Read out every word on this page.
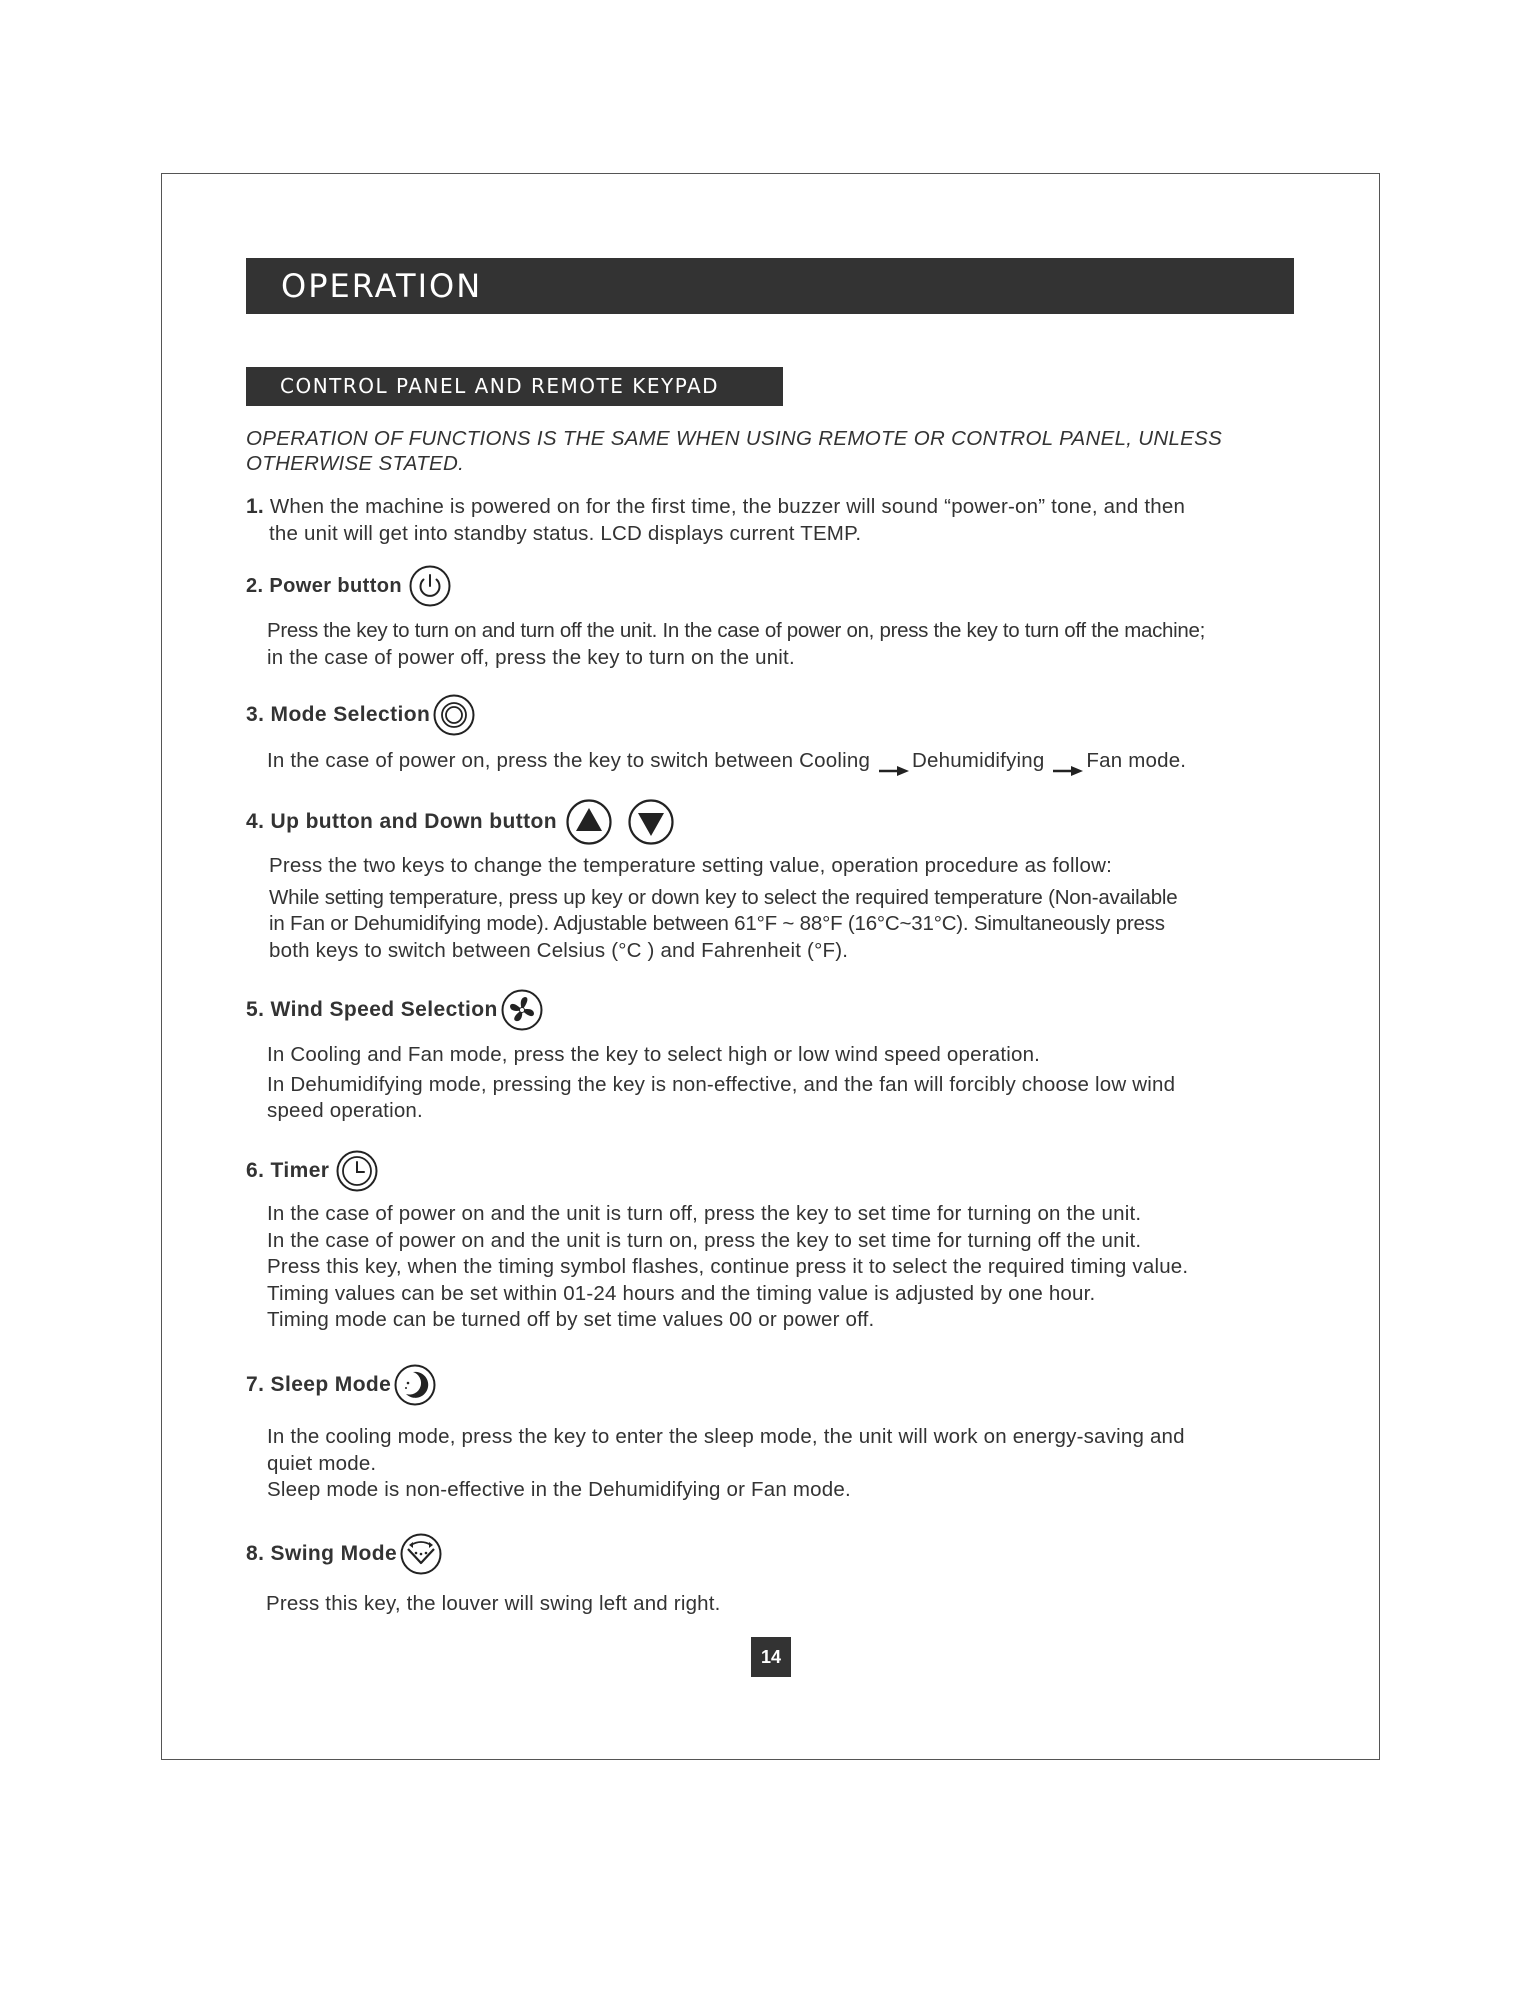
OPERATION
CONTROL PANEL AND REMOTE KEYPAD
OPERATION OF FUNCTIONS IS THE SAME WHEN USING REMOTE OR CONTROL PANEL, UNLESS OTHERWISE STATED.
1. When the machine is powered on for the first time, the buzzer will sound “power-on” tone, and then
the unit will get into standby status. LCD displays current TEMP.
2. Power button
Press the key to turn on and turn off the unit. In the case of power on, press the key to turn off the machine;
in the case of power off, press the key to turn on the unit.
3. Mode Selection
In the case of power on, press the key to switch between Cooling Dehumidifying Fan mode.
4. Up button and Down button
Press the two keys to change the temperature setting value, operation procedure as follow:
While setting temperature, press up key or down key to select the required temperature (Non-available
in Fan or Dehumidifying mode). Adjustable between 61°F ~ 88°F (16°C~31°C). Simultaneously press
both keys to switch between Celsius (°C ) and Fahrenheit (°F).
5. Wind Speed Selection
In Cooling and Fan mode, press the key to select high or low wind speed operation.
In Dehumidifying mode, pressing the key is non-effective, and the fan will forcibly choose low wind
speed operation.
6. Timer
In the case of power on and the unit is turn off, press the key to set time for turning on the unit.
In the case of power on and the unit is turn on, press the key to set time for turning off the unit.
Press this key, when the timing symbol flashes, continue press it to select the required timing value.
Timing values can be set within 01-24 hours and the timing value is adjusted by one hour.
Timing mode can be turned off by set time values 00 or power off.
7. Sleep Mode
In the cooling mode, press the key to enter the sleep mode, the unit will work on energy-saving and
quiet mode.
Sleep mode is non-effective in the Dehumidifying or Fan mode.
8. Swing Mode
Press this key, the louver will swing left and right.
14
